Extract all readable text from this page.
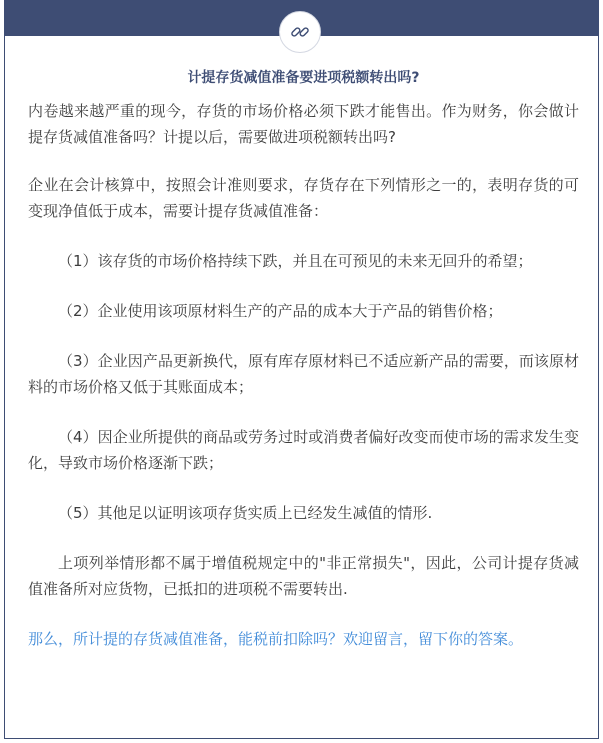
计提存货减值准备要进项税额转出吗?

内卷越来越严重的现今，存货的市场价格必须下跌才能售出。作为财务，你会做计提存货减值准备吗？计提以后，需要做进项税额转出吗?

企业在会计核算中，按照会计准则要求，存货存在下列情形之一的，表明存货的可变现净值低于成本，需要计提存货减值准备：

（1）该存货的市场价格持续下跌，并且在可预见的未来无回升的希望；

（2）企业使用该项原材料生产的产品的成本大于产品的销售价格；

（3）企业因产品更新换代，原有库存原材料已不适应新产品的需要，而该原材料的市场价格又低于其账面成本；

（4）因企业所提供的商品或劳务过时或消费者偏好改变而使市场的需求发生变化，导致市场价格逐渐下跌；

（5）其他足以证明该项存货实质上已经发生减值的情形.

上项列举情形都不属于增值税规定中的"非正常损失"，因此，公司计提存货减值准备所对应货物，已抵扣的进项税不需要转出.

那么，所计提的存货减值准备，能税前扣除吗？欢迎留言，留下你的答案。
